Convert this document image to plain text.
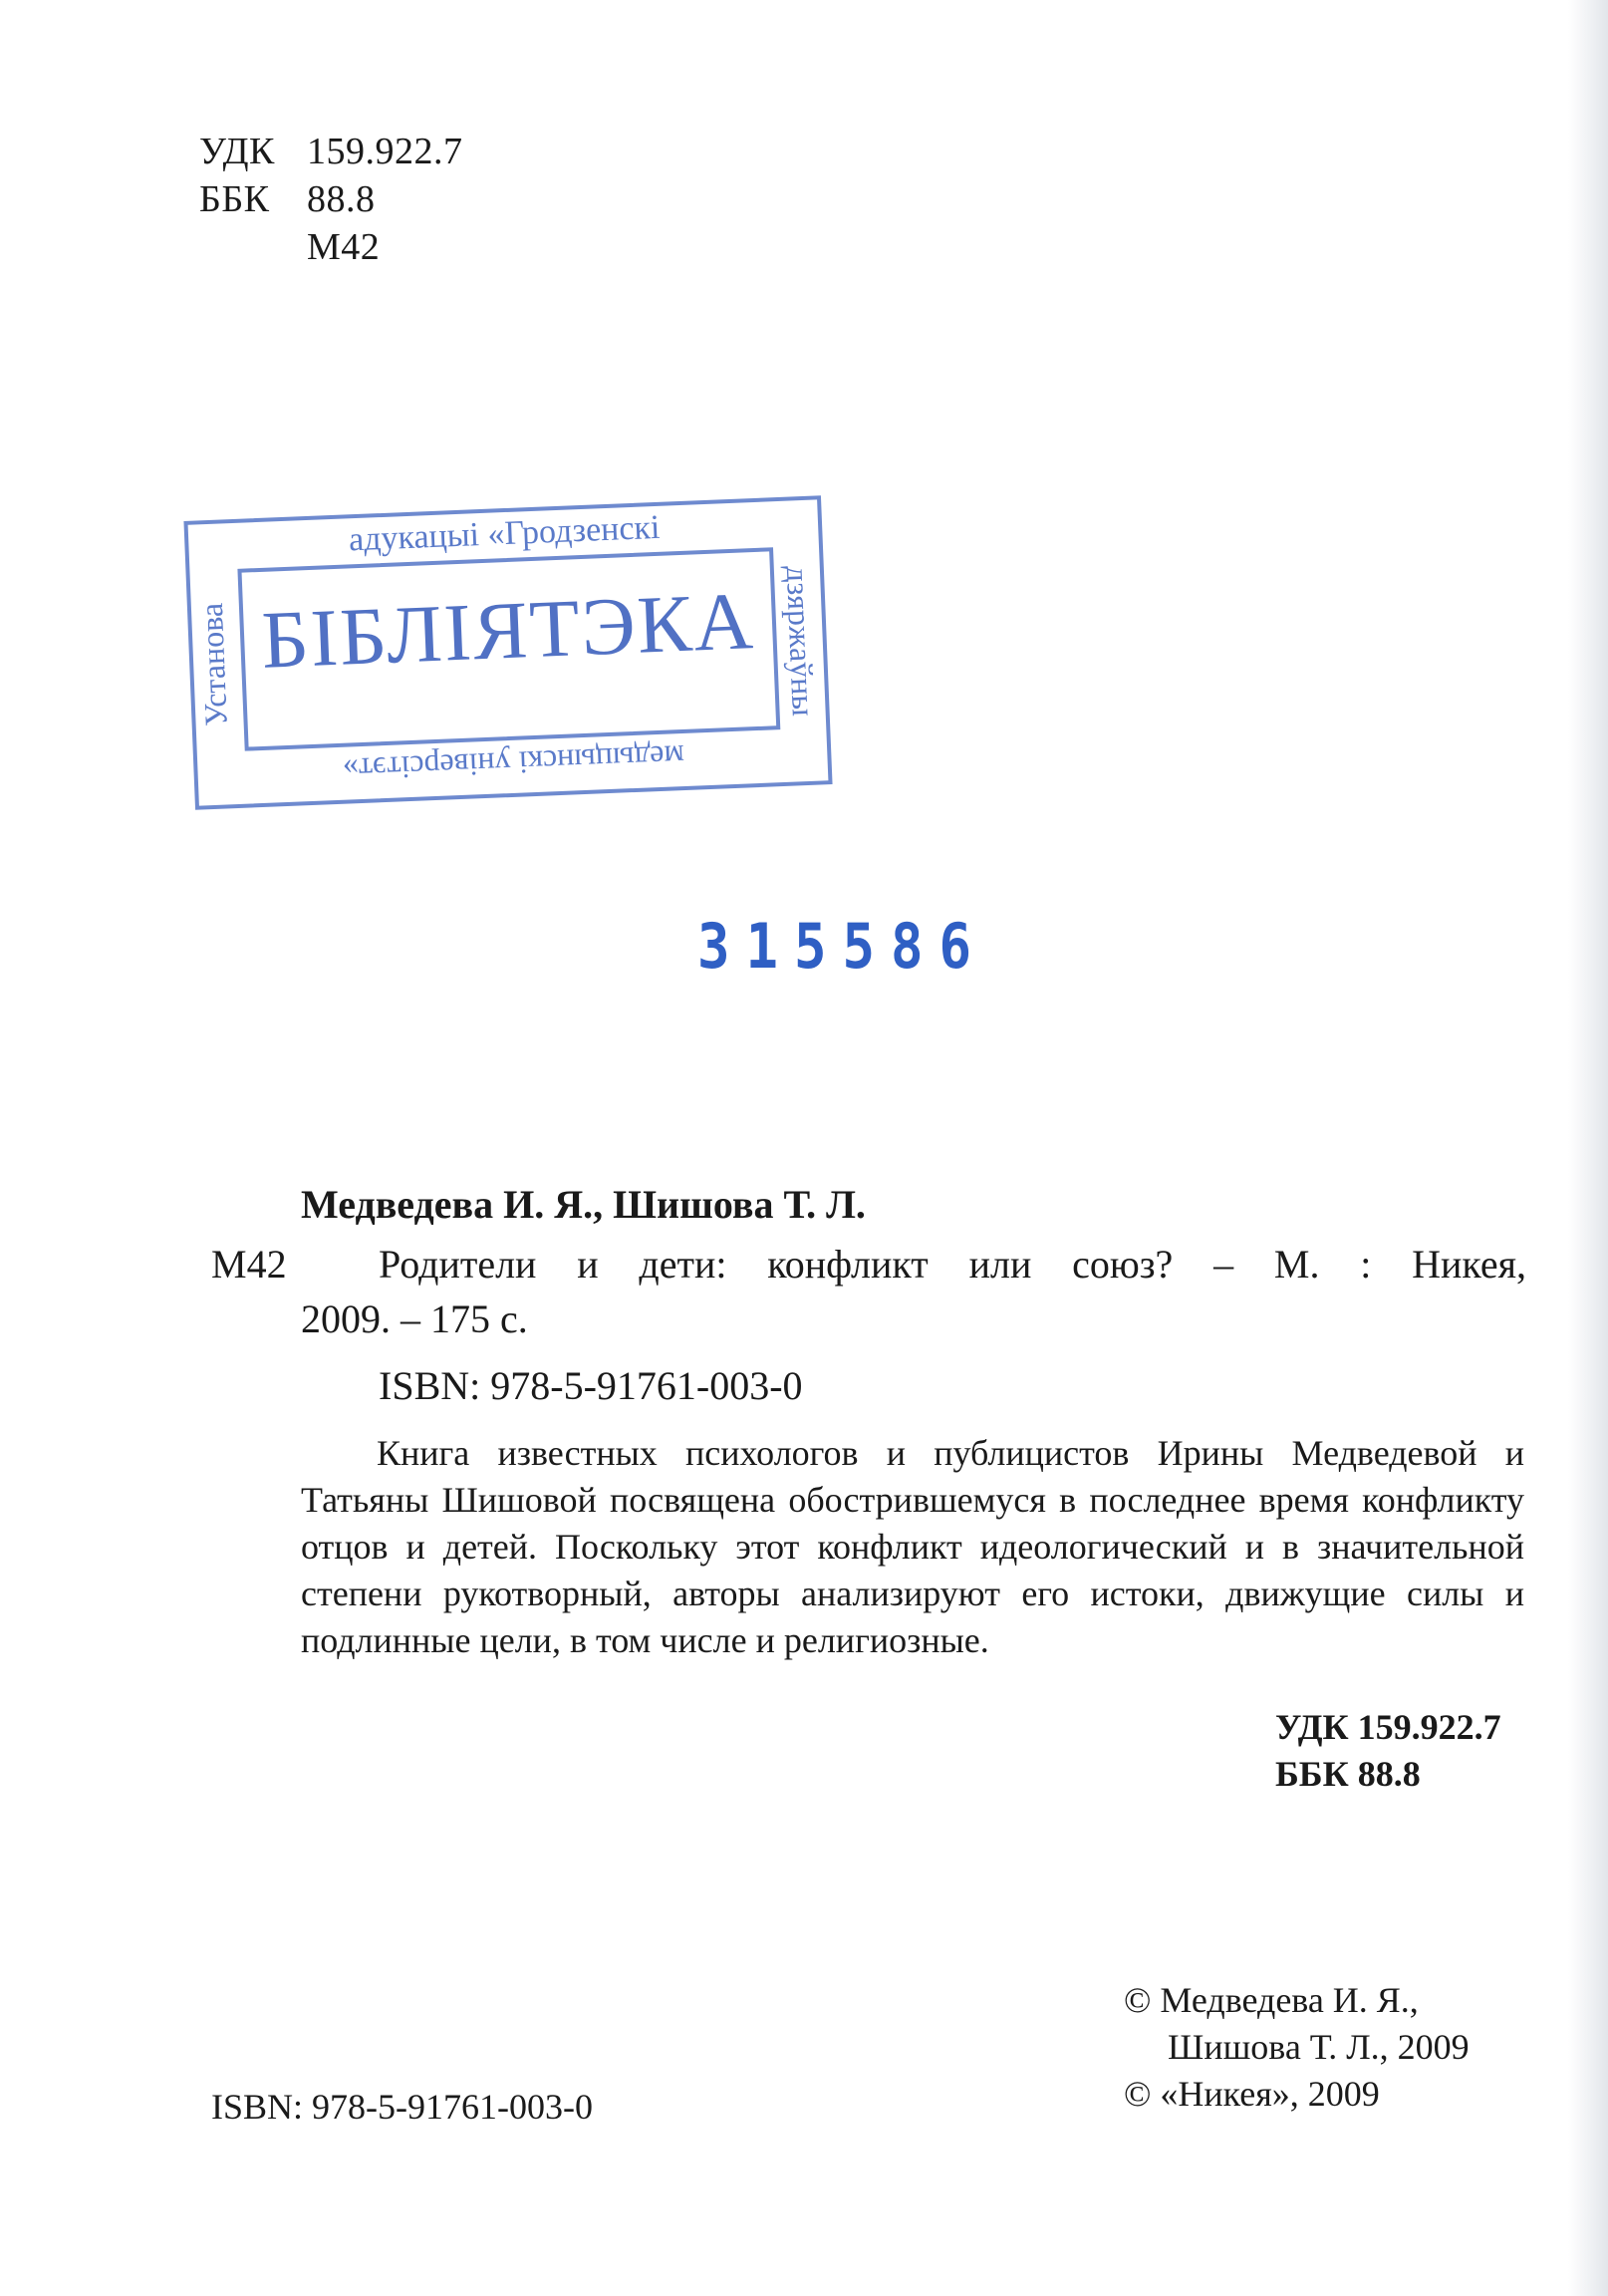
УДК 159.922.7
ББК 88.8
М42
адукацыі «Гродзенскі
БІБЛІЯТЭКА
медыцынскі універсітэт»
Установа	дзяржаўны
315586
Медведева И. Я., Шишова Т. Л.
М42 Родители и дети: конфликт или союз? – М. : Никея,
2009. – 175 с.
ISBN: 978-5-91761-003-0

Книга известных психологов и публицистов Ирины Медведевой и Татьяны Шишовой посвящена обострившемуся в последнее время конфликту отцов и детей. Поскольку этот конфликт идеологический и в значительной степени рукотворный, авторы анализируют его истоки, движущие силы и подлинные цели, в том числе и религиозные.

УДК 159.922.7
ББК 88.8
© Медведева И. Я.,
Шишова Т. Л., 2009
© «Никея», 2009
ISBN: 978-5-91761-003-0
